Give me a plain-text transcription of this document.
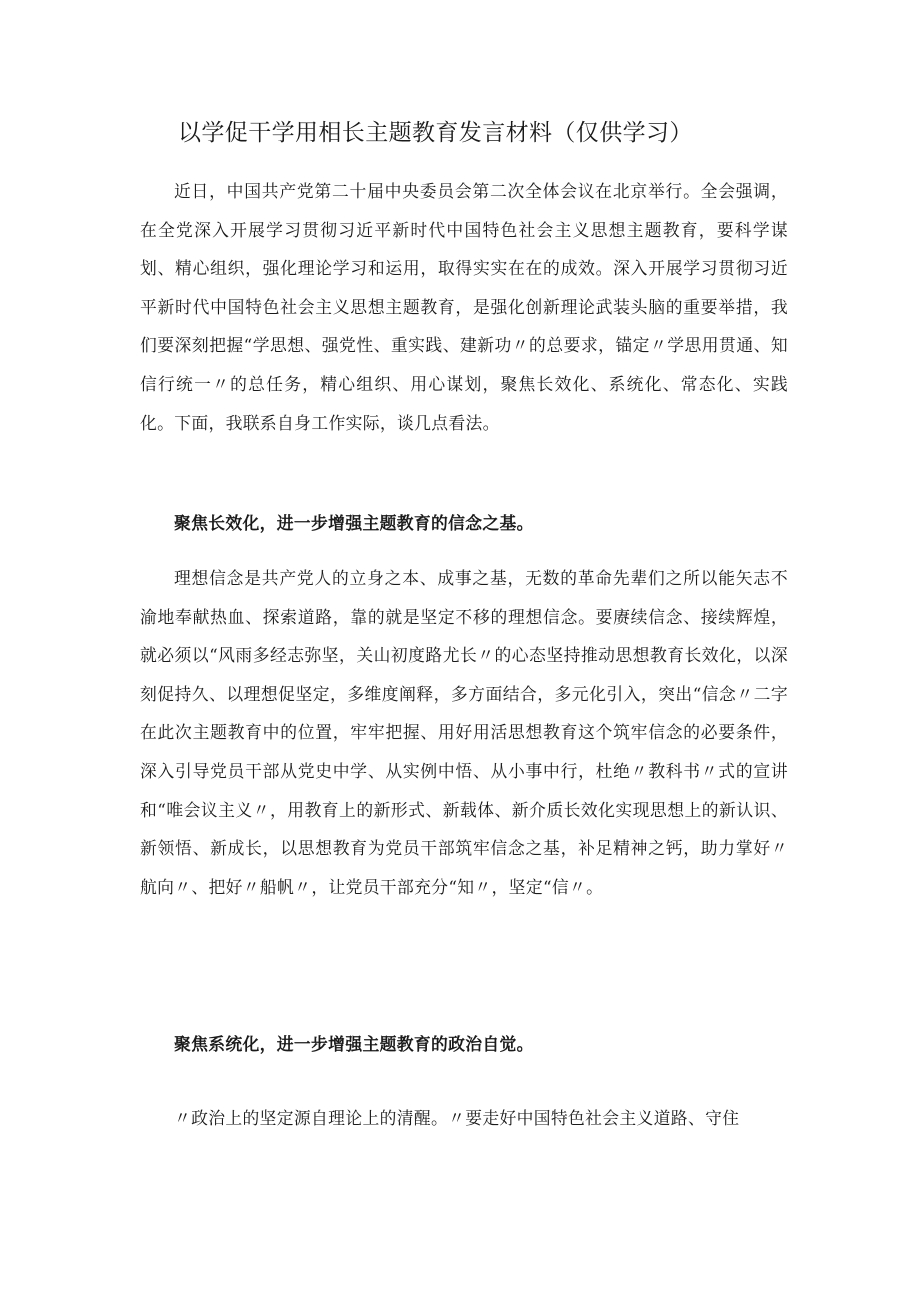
以学促干学用相长主题教育发言材料（仅供学习）

近日，中国共产党第二十届中央委员会第二次全体会议在北京举行。全会强调，在全党深入开展学习贯彻习近平新时代中国特色社会主义思想主题教育，要科学谋划、精心组织，强化理论学习和运用，取得实实在在的成效。深入开展学习贯彻习近平新时代中国特色社会主义思想主题教育，是强化创新理论武装头脑的重要举措，我们要深刻把握“学思想、强党性、重实践、建新功〃的总要求，锚定〃学思用贯通、知信行统一〃的总任务，精心组织、用心谋划，聚焦长效化、系统化、常态化、实践化。下面，我联系自身工作实际，谈几点看法。

聚焦长效化，进一步增强主题教育的信念之基。

理想信念是共产党人的立身之本、成事之基，无数的革命先辈们之所以能矢志不渝地奉献热血、探索道路，靠的就是坚定不移的理想信念。要赓续信念、接续辉煌，就必须以“风雨多经志弥坚，关山初度路尤长〃的心态坚持推动思想教育长效化，以深刻促持久、以理想促坚定，多维度阐释，多方面结合，多元化引入，突出“信念〃二字在此次主题教育中的位置，牢牢把握、用好用活思想教育这个筑牢信念的必要条件，深入引导党员干部从党史中学、从实例中悟、从小事中行，杜绝〃教科书〃式的宣讲和“唯会议主义〃，用教育上的新形式、新载体、新介质长效化实现思想上的新认识、新领悟、新成长，以思想教育为党员干部筑牢信念之基，补足精神之钙，助力掌好〃航向〃、把好〃船帆〃，让党员干部充分“知〃，坚定“信〃。

聚焦系统化，进一步增强主题教育的政治自觉。

〃政治上的坚定源自理论上的清醒。〃要走好中国特色社会主义道路、守住
